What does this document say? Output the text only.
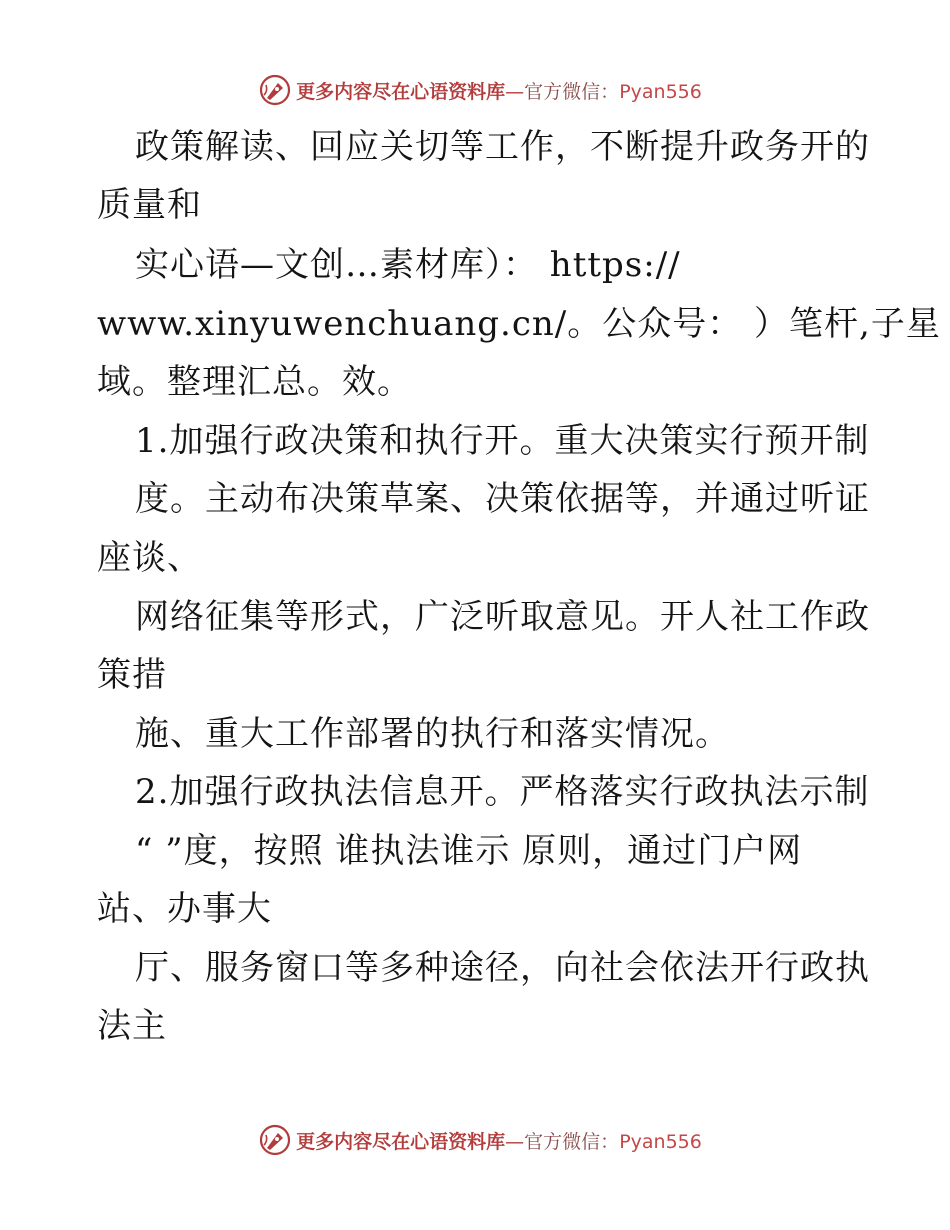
更多内容尽在心语资料库—官方微信：Pyan556
政策解读、回应关切等工作，不断提升政务开的
质量和
实心语—文创…素材库）： https://
www.xinyuwenchuang.cn/。公众号： ）笔杆,子星
域。整理汇总。效。
1.加强行政决策和执行开。重大决策实行预开制
度。主动布决策草案、决策依据等，并通过听证
座谈、
网络征集等形式，广泛听取意见。开人社工作政
策措
施、重大工作部署的执行和落实情况。
2.加强行政执法信息开。严格落实行政执法示制
“ ”度，按照 谁执法谁示 原则，通过门户网
站、办事大
厅、服务窗口等多种途径，向社会依法开行政执
法主
更多内容尽在心语资料库—官方微信：Pyan556
